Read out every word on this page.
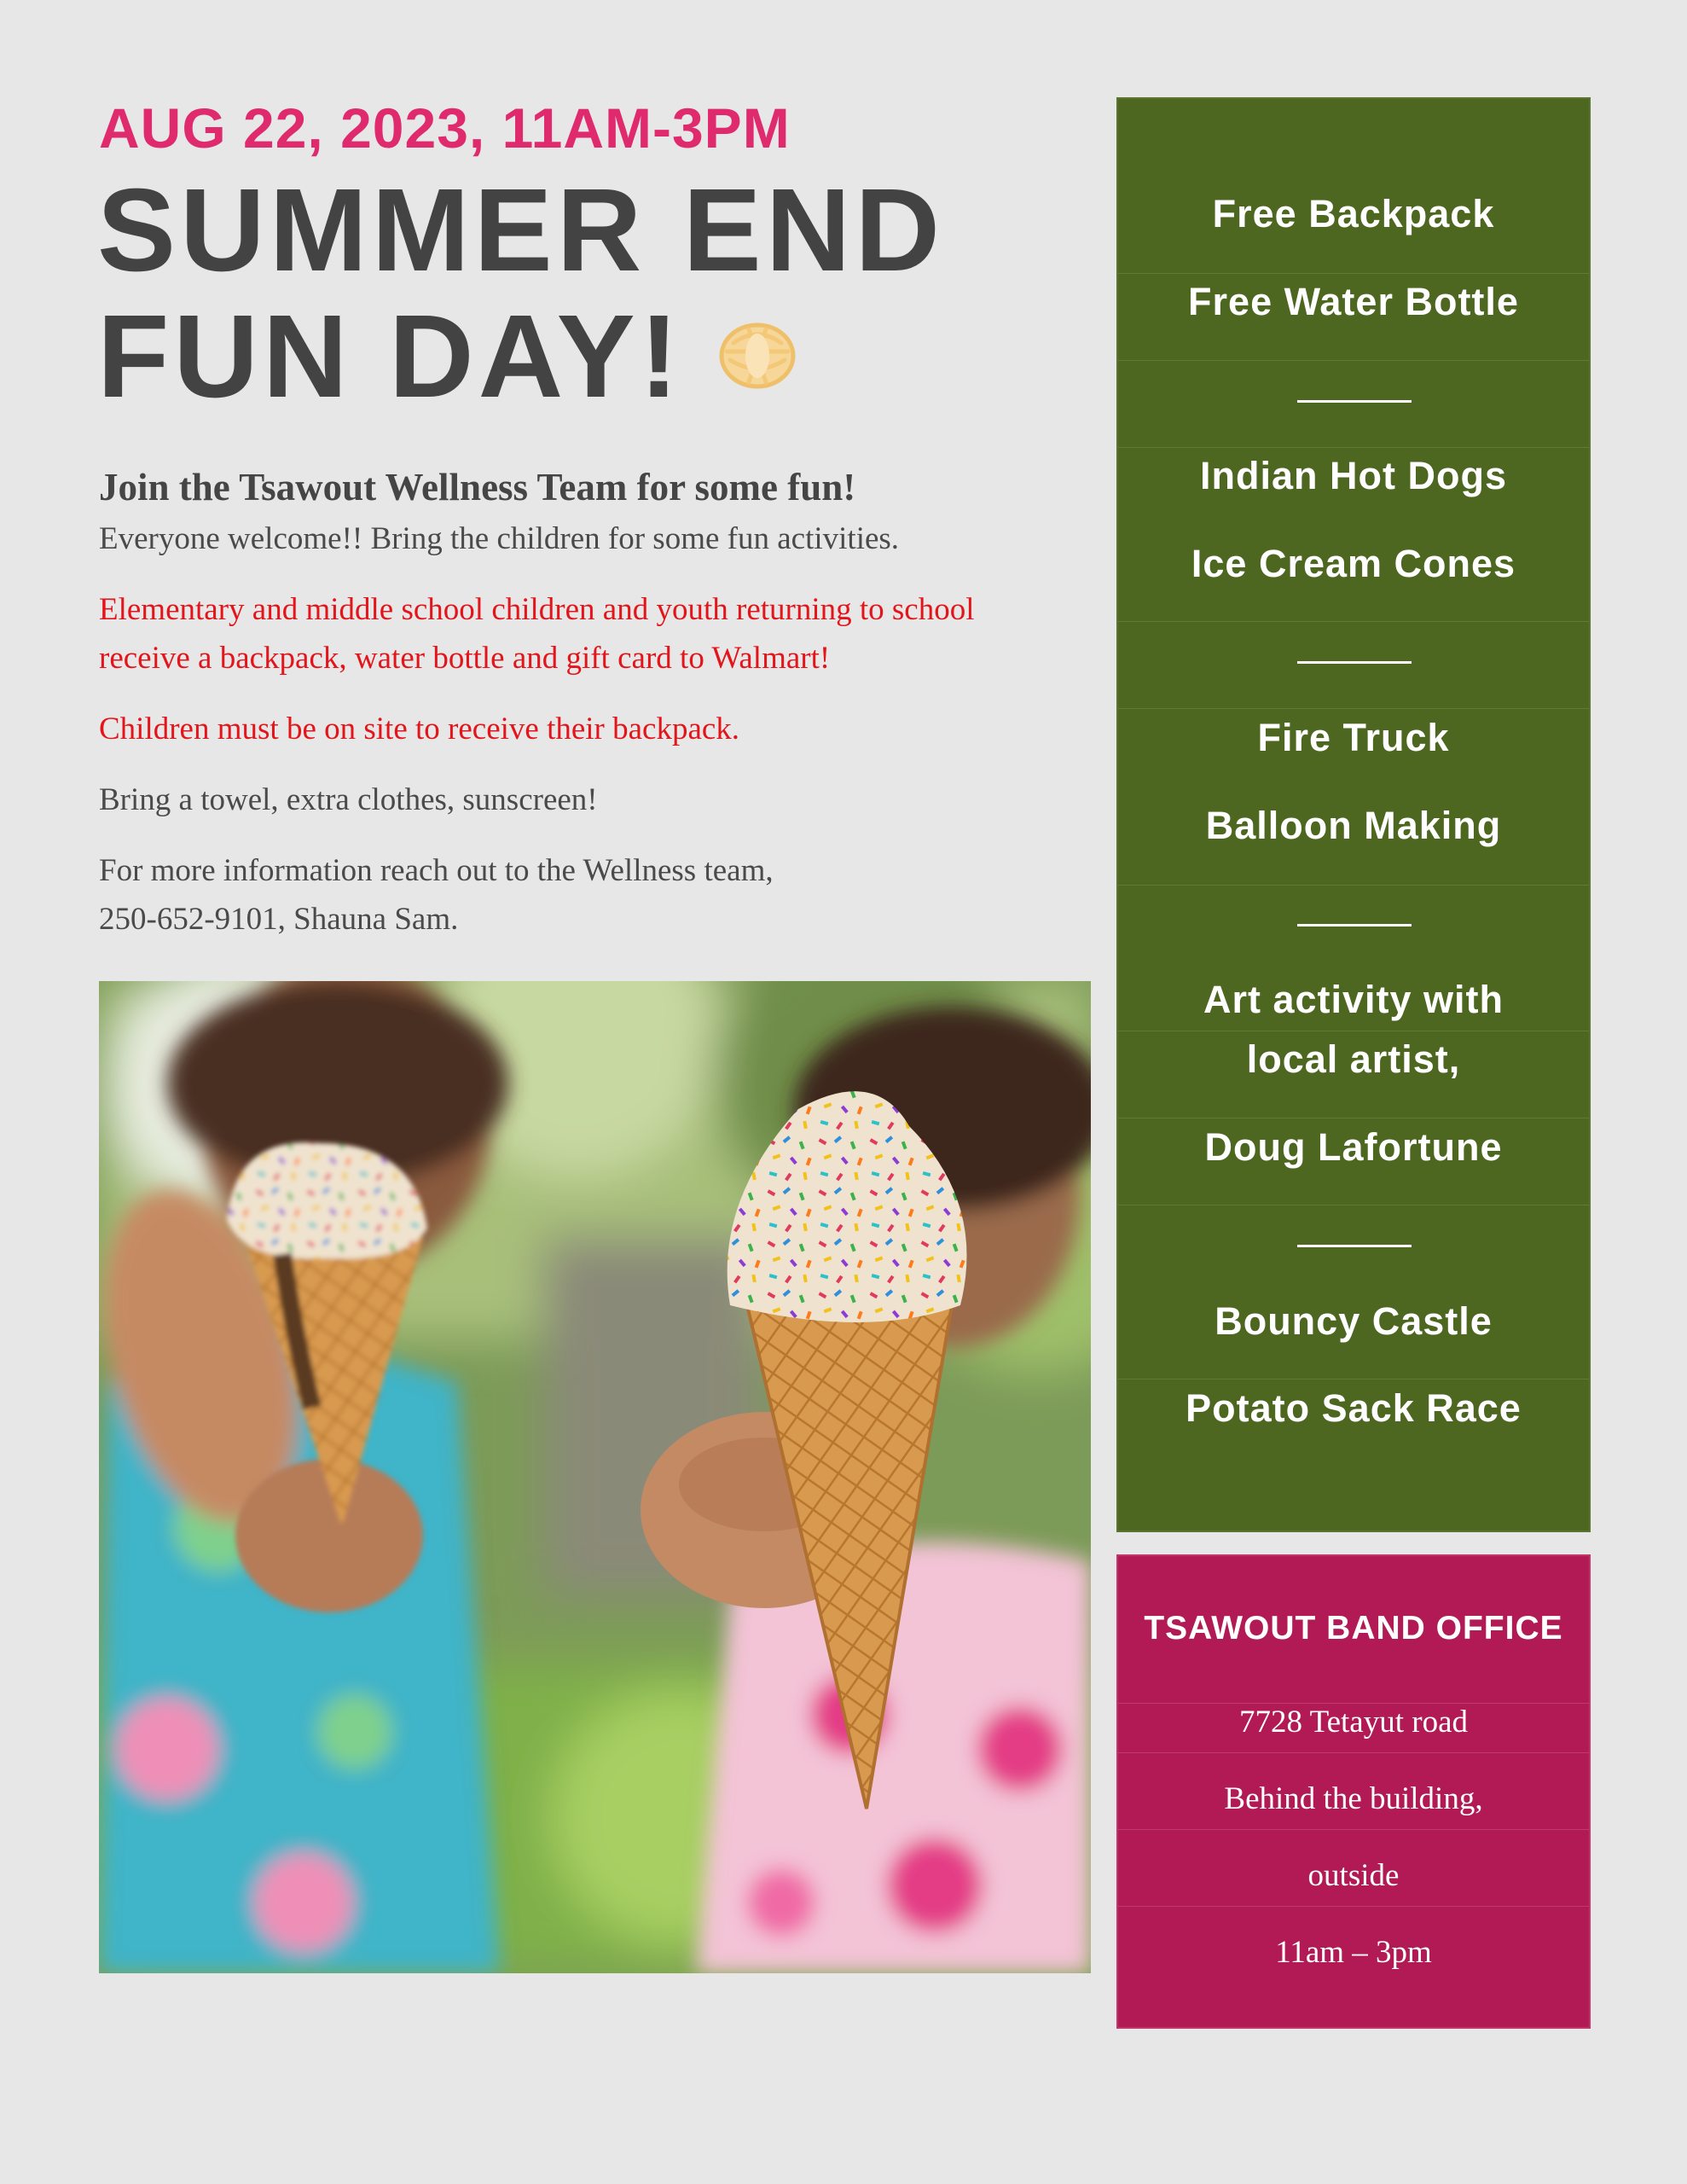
AUG 22, 2023, 11AM-3PM
SUMMER END
FUN DAY!
Join the Tsawout Wellness Team for some fun!

Everyone welcome!! Bring the children for some fun activities.

Elementary and middle school children and youth returning to school receive a backpack, water bottle and gift card to Walmart!

Children must be on site to receive their backpack.

Bring a towel, extra clothes, sunscreen!

For more information reach out to the Wellness team,
250-652-9101, Shauna Sam.

Free Backpack
Free Water Bottle
Indian Hot Dogs
Ice Cream Cones
Fire Truck
Balloon Making
Art activity with
local artist,
Doug Lafortune
Bouncy Castle
Potato Sack Race
TSAWOUT BAND OFFICE
7728 Tetayut road
Behind the building,
outside
11am – 3pm
